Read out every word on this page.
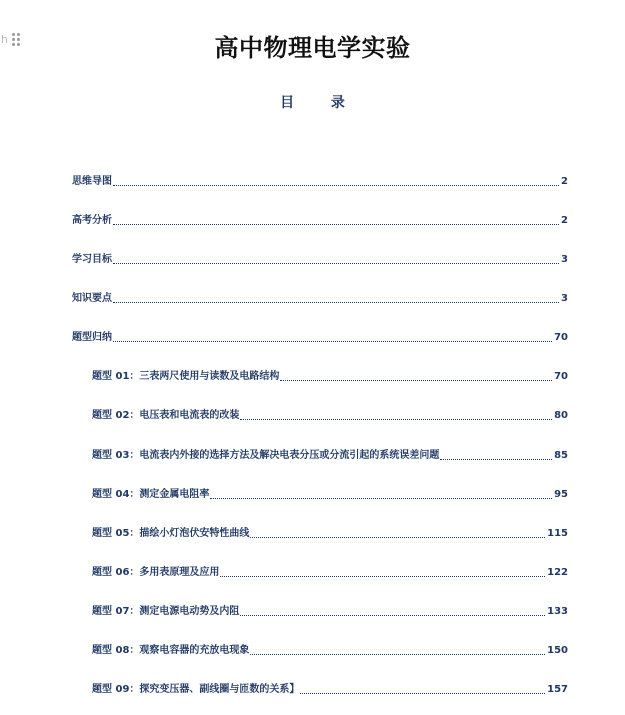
h	高中物理电学实验
目 录
思维导图	2
高考分析	2
学习目标	3
知识要点	3
题型归纳	70
题型 01：三表两尺使用与读数及电路结构	70
题型 02：电压表和电流表的改装	80
题型 03：电流表内外接的选择方法及解决电表分压或分流引起的系统误差问题	85
题型 04：测定金属电阻率	95
题型 05：描绘小灯泡伏安特性曲线	115
题型 06：多用表原理及应用	122
题型 07：测定电源电动势及内阻	133
题型 08：观察电容器的充放电现象	150
题型 09：探究变压器、副线圈与匝数的关系】	157
